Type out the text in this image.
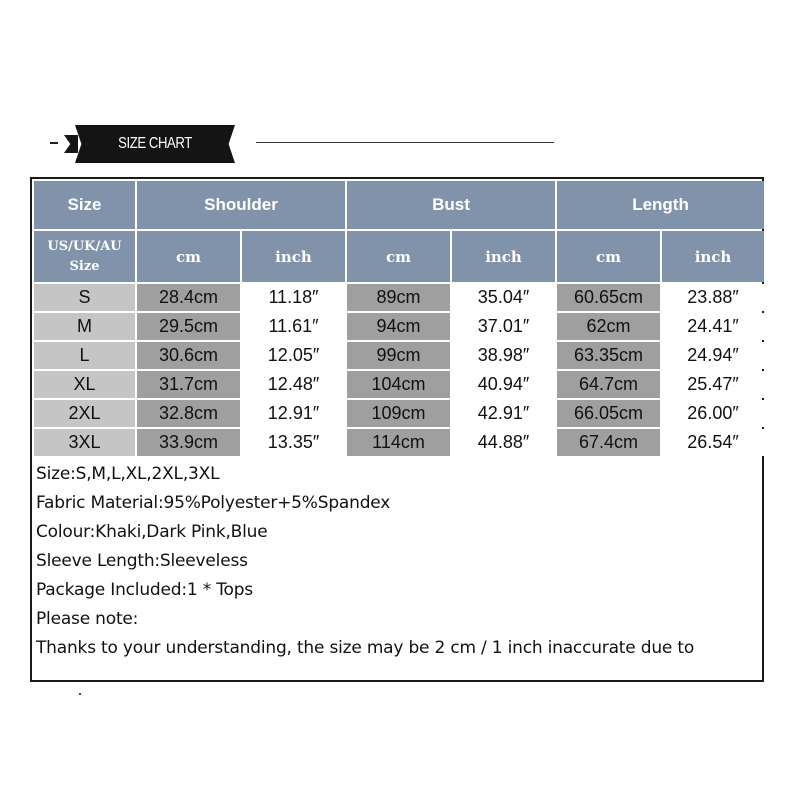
SIZE CHART
Size	Shoulder		Bust		Length	

US/UK/AU
Size	cm	inch	cm	inch	cm	inch
S	28.4cm	11.18″	89cm	35.04″	60.65cm	23.88″
M	29.5cm	11.61″	94cm	37.01″	62cm	24.41″
L	30.6cm	12.05″	99cm	38.98″	63.35cm	24.94″
XL	31.7cm	12.48″	104cm	40.94″	64.7cm	25.47″
2XL	32.8cm	12.91″	109cm	42.91″	66.05cm	26.00″
3XL	33.9cm	13.35″	114cm	44.88″	67.4cm	26.54″
Size:S,M,L,XL,2XL,3XL
Fabric Material:95%Polyester+5%Spandex
Colour:Khaki,Dark Pink,Blue
Sleeve Length:Sleeveless
Package Included:1 * Tops
Please note:
Thanks to your understanding, the size may be 2 cm / 1 inch inaccurate due to
